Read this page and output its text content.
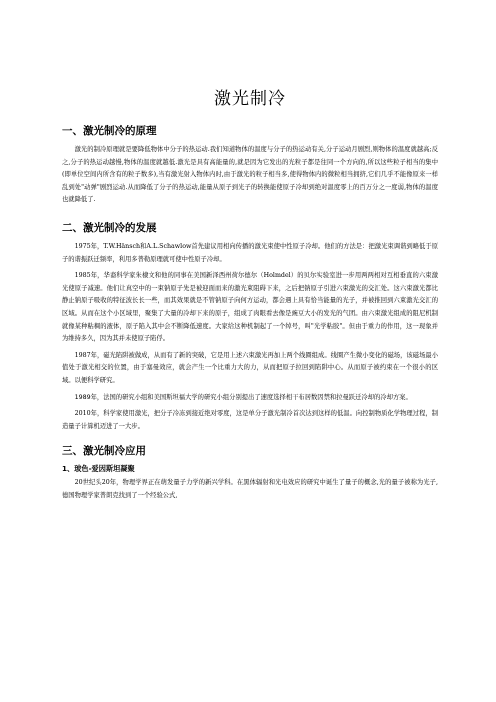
激光制冷
一、激光制冷的原理

激光的制冷原理就是要降低物体中分子的热运动.我们知道物体的温度与分子的热运动有关,分子运动月剧烈,则物体的温度就越高;反之,分子的热运动越慢,物体的温度就越低.激光是具有高能量的,就是因为它发出的光粒子都是往同一个方向的,所以这些粒子相当的集中(即单位空间内所含有的粒子数多),当有激光射入物体内时,由于激光的粒子相当多,使得物体内的微粒相当拥挤,它们几乎不能像原来一样乱到处"动弹"剧烈运动.从而降低了分子的热运动,能量从原子到光子的转换能使原子冷却到绝对温度零上的百万分之一度弱,物体的温度也就降低了.

二、激光制冷的发展

1975年，T.W.Hänsch和A.L.Schawlow首先建议用相向传播的激光束使中性原子冷却。他们的方法是：把激光束调谐到略低于原子的谐振跃迁频率，利用多普勒原理就可使中性原子冷却。

1985年，华裔科学家朱棣文和他的同事在美国新泽西州荷尔德尔（Holmdel）的贝尔实验室进一步用两两相对互相垂直的六束激光使原子减速。他们让真空中的一束钠原子先是被迎面而来的激光束阻碍下来，之后把钠原子引进六束激光的交汇处。这六束激光都比静止钠原子吸收的特征波长长一些，而其效果就是不管钠原子向何方运动，都会遇上具有恰当能量的光子，并被推回到六束激光交汇的区域。从而在这个小区域里，聚集了大量的冷却下来的原子，组成了肉眼看去像是豌豆大小的发光的气团。由六束激光组成的阻尼机制就像某种粘稠的液体，原子陷入其中会不断降低速度。大家给这种机制起了一个绰号，叫"光学粘胶"。但由于重力的作用，这一现象并为维持多久，因为其并未使原子陷俘。

1987年，磁光陷阱被做成，从而有了新的突破，它是用上述六束激光再加上两个线圈组成。线圈产生微小变化的磁场，该磁场最小值处于激光相交的位置，由于塞曼效应，就会产生一个比重力大的力，从而把原子拉回到陷阱中心。从而原子被约束在一个很小的区域。以便科学研究。

1989年，法国的研究小组和美国斯坦福大学的研究小组分别提出了速度选择相干布居数因禁和拉曼跃迁冷却的冷却方案。

2010年，科学家使用激光，把分子冷冻到接近绝对零度，这是单分子激光制冷首次达到这样的低温。向控制物质化学物理过程，制造量子计算机迈进了一大步。

三、激光制冷应用
1、玻色-爱因斯坦凝聚

20世纪头20年，物理学界正在萌发量子力学的新兴学科。在黑体辐射和光电效应的研究中诞生了量子的概念,光的量子被称为光子,德国物理学家普朗克找到了一个经验公式,
